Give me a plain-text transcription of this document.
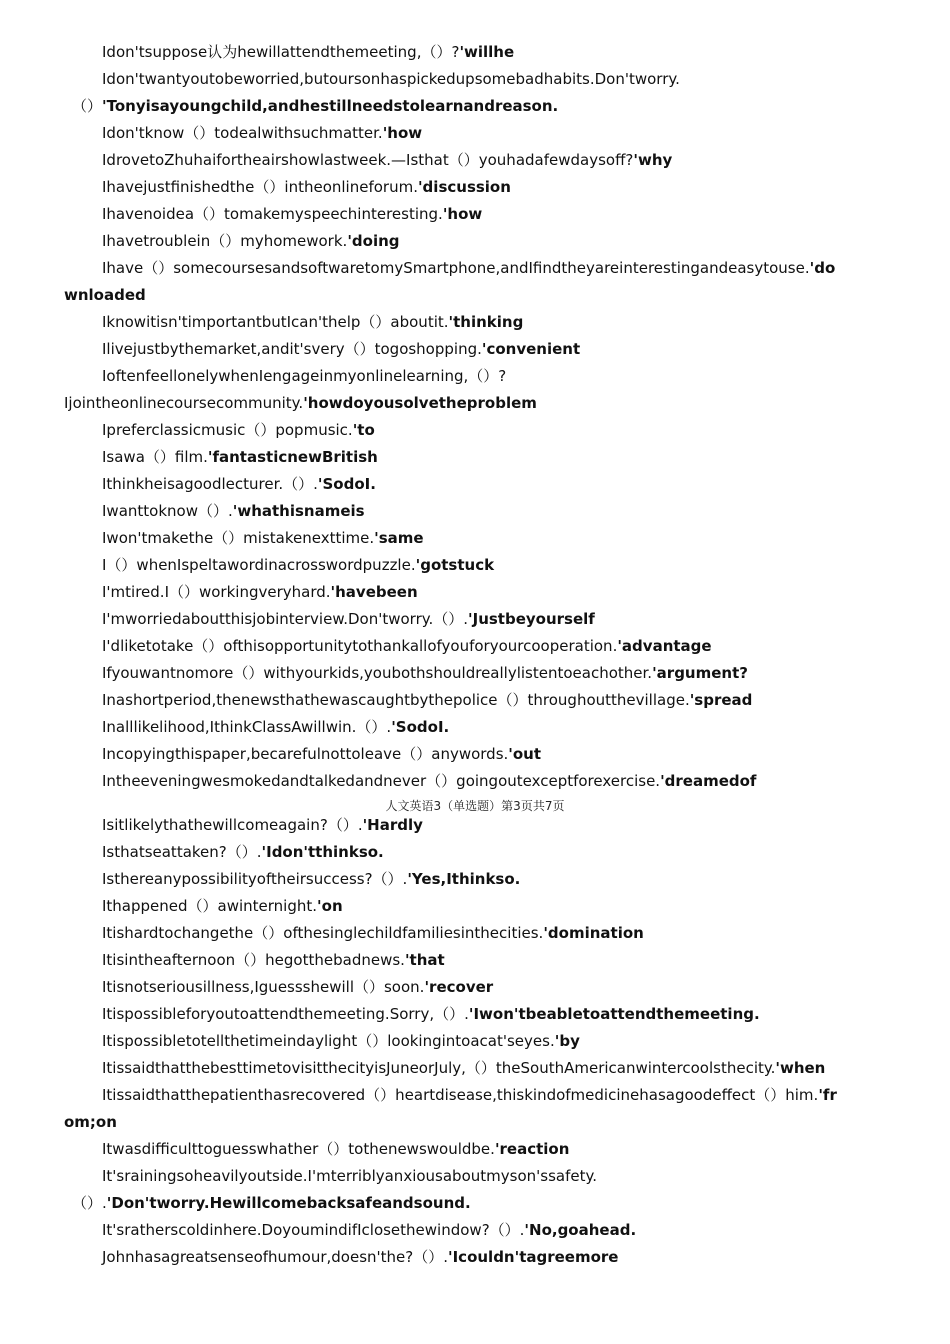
Idon'tsuppose认为hewillattendthemeeting,（）?'willhe
Idon'twantyoutobeworried,butoursonhaspickedupsomebadhabits.Don'tworry.
（）'Tonyisayoungchild,andhestillneedstolearnandreason.
Idon'tknow（）todealwithsuchmatter.'how
IdrovetoZhuhaifortheairshowlastweek.—Isthat（）youhadafewdaysoff?'why
Ihavejustfinishedthe（）intheonlineforum.'discussion
Ihavenoidea（）tomakemyspeechinteresting.'how
Ihavetroublein（）myhomework.'doing
Ihave（）somecoursesandsoftwaretomySmartphone,andIfindtheyareinterestingandeasytouse.'do
wnloaded
Iknowitisn'timportantbutIcan'thelp（）aboutit.'thinking
Ilivejustbythemarket,andit'svery（）togoshopping.'convenient
IoftenfeellonelywhenIengageinmyonlinelearning,（）?
Ijointheonlinecoursecommunity.'howdoyousolvetheproblem
Ipreferclassicmusic（）popmusic.'to
Isawa（）film.'fantasticnewBritish
Ithinkheisagoodlecturer.（）.'SodoI.
Iwanttoknow（）.'whathisnameis
Iwon'tmakethe（）mistakenexttime.'same
I（）whenIspeltawordinacrosswordpuzzle.'gotstuck
I'mtired.I（）workingveryhard.'havebeen
I'mworriedaboutthisjobinterview.Don'tworry.（）.'Justbeyourself
I'dliketotake（）ofthisopportunitytothankallofyouforyourcooperation.'advantage
Ifyouwantnomore（）withyourkids,youbothshouldreallylistentoeachother.'argument?
Inashortperiod,thenewsthathewascaughtbythepolice（）throughoutthevillage.'spread
Inalllikelihood,IthinkClassAwillwin.（）.'SodoI.
Incopyingthispaper,becarefulnottoleave（）anywords.'out
Intheeveningwesmokedandtalkedandnever（）goingoutexceptforexercise.'dreamedof
人文英语3（单选题）第3页共7页
Isitlikelythathewillcomeagain?（）.'Hardly
Isthatseattaken?（）.'Idon'tthinkso.
Isthereanypossibilityoftheirsuccess?（）.'Yes,Ithinkso.
Ithappened（）awinternight.'on
Itishardtochangethe（）ofthesinglechildfamiliesinthecities.'domination
Itisintheafternoon（）hegotthebadnews.'that
Itisnotseriousillness,Iguessshewill（）soon.'recover
Itispossibleforyoutoattendthemeeting.Sorry,（）.'Iwon'tbeabletoattendthemeeting.
Itispossibletotellthetimeindaylight（）lookingintoacat'seyes.'by
ItissaidthatthebesttimetovisitthecityisJuneorJuly,（）theSouthAmericanwintercoolsthecity.'when
Itissaidthatthepatienthasrecovered（）heartdisease,thiskindofmedicinehasagoodeffect（）him.'fr
om;on
Itwasdifficulttoguesswhather（）tothenewswouldbe.'reaction
It'srainingsoheavilyoutside.I'mterriblyanxiousaboutmyson'ssafety.
（）.'Don'tworry.Hewillcomebacksafeandsound.
It'sratherscoldinhere.DoyoumindifIclosethewindow?（）.'No,goahead.
Johnhasagreatsenseofhumour,doesn'the?（）.'Icouldn'tagreemore
